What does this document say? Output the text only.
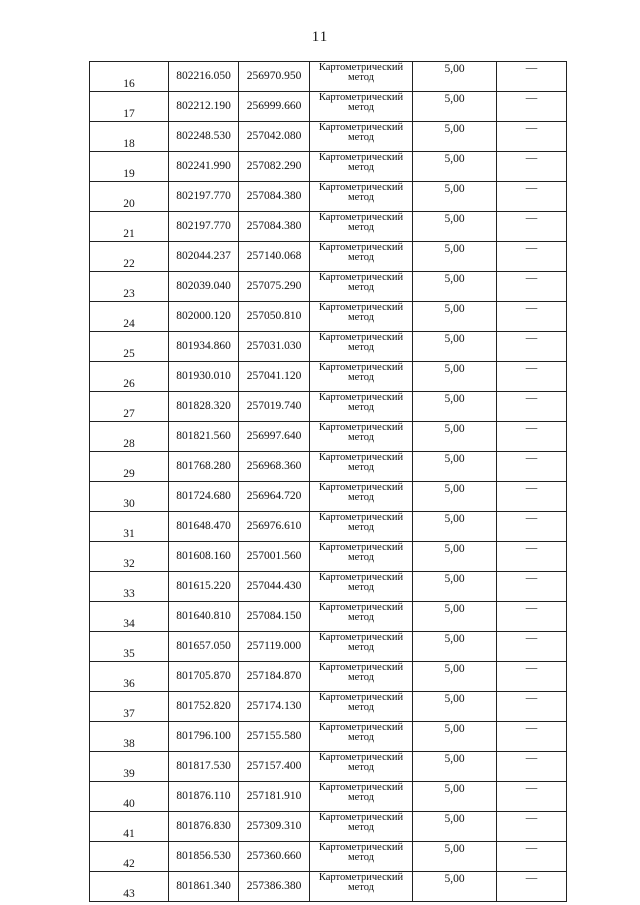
11
16	802216.050	256970.950	Картометрический метод	5,00	—
17	802212.190	256999.660	Картометрический метод	5,00	—
18	802248.530	257042.080	Картометрический метод	5,00	—
19	802241.990	257082.290	Картометрический метод	5,00	—
20	802197.770	257084.380	Картометрический метод	5,00	—
21	802197.770	257084.380	Картометрический метод	5,00	—
22	802044.237	257140.068	Картометрический метод	5,00	—
23	802039.040	257075.290	Картометрический метод	5,00	—
24	802000.120	257050.810	Картометрический метод	5,00	—
25	801934.860	257031.030	Картометрический метод	5,00	—
26	801930.010	257041.120	Картометрический метод	5,00	—
27	801828.320	257019.740	Картометрический метод	5,00	—
28	801821.560	256997.640	Картометрический метод	5,00	—
29	801768.280	256968.360	Картометрический метод	5,00	—
30	801724.680	256964.720	Картометрический метод	5,00	—
31	801648.470	256976.610	Картометрический метод	5,00	—
32	801608.160	257001.560	Картометрический метод	5,00	—
33	801615.220	257044.430	Картометрический метод	5,00	—
34	801640.810	257084.150	Картометрический метод	5,00	—
35	801657.050	257119.000	Картометрический метод	5,00	—
36	801705.870	257184.870	Картометрический метод	5,00	—
37	801752.820	257174.130	Картометрический метод	5,00	—
38	801796.100	257155.580	Картометрический метод	5,00	—
39	801817.530	257157.400	Картометрический метод	5,00	—
40	801876.110	257181.910	Картометрический метод	5,00	—
41	801876.830	257309.310	Картометрический метод	5,00	—
42	801856.530	257360.660	Картометрический метод	5,00	—
43	801861.340	257386.380	Картометрический метод	5,00	—
